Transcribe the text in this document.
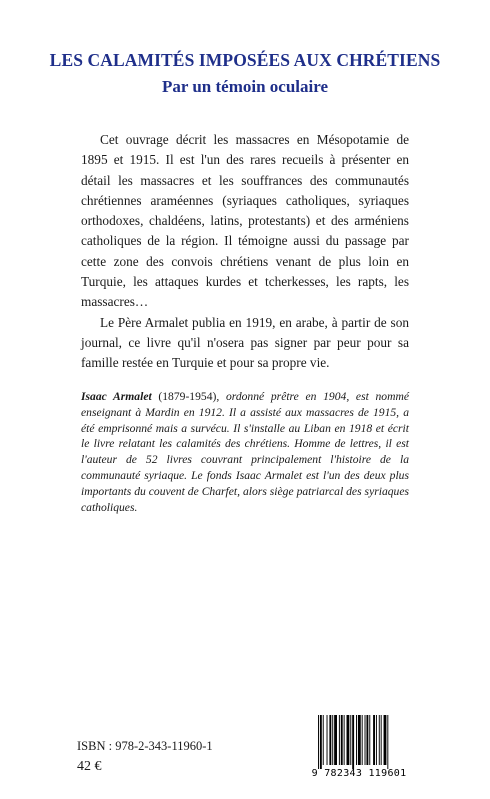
LES CALAMITÉS IMPOSÉES AUX CHRÉTIENS
Par un témoin oculaire

Cet ouvrage décrit les massacres en Mésopotamie de 1895 et 1915. Il est l'un des rares recueils à présenter en détail les massacres et les souffrances des communautés chrétiennes araméennes (syriaques catholiques, syriaques orthodoxes, chaldéens, latins, protestants) et des arméniens catholiques de la région. Il témoigne aussi du passage par cette zone des convois chrétiens venant de plus loin en Turquie, les attaques kurdes et tcherkesses, les rapts, les massacres…

Le Père Armalet publia en 1919, en arabe, à partir de son journal, ce livre qu'il n'osera pas signer par peur pour sa famille restée en Turquie et pour sa propre vie.

Isaac Armalet (1879-1954), ordonné prêtre en 1904, est nommé enseignant à Mardin en 1912. Il a assisté aux massacres de 1915, a été emprisonné mais a survécu. Il s'installe au Liban en 1918 et écrit le livre relatant les calamités des chrétiens. Homme de lettres, il est l'auteur de 52 livres couvrant principalement l'histoire de la communauté syriaque. Le fonds Isaac Armalet est l'un des deux plus importants du couvent de Charfet, alors siège patriarcal des syriaques catholiques.

ISBN : 978-2-343-11960-1

42 €	9 782343 119601
